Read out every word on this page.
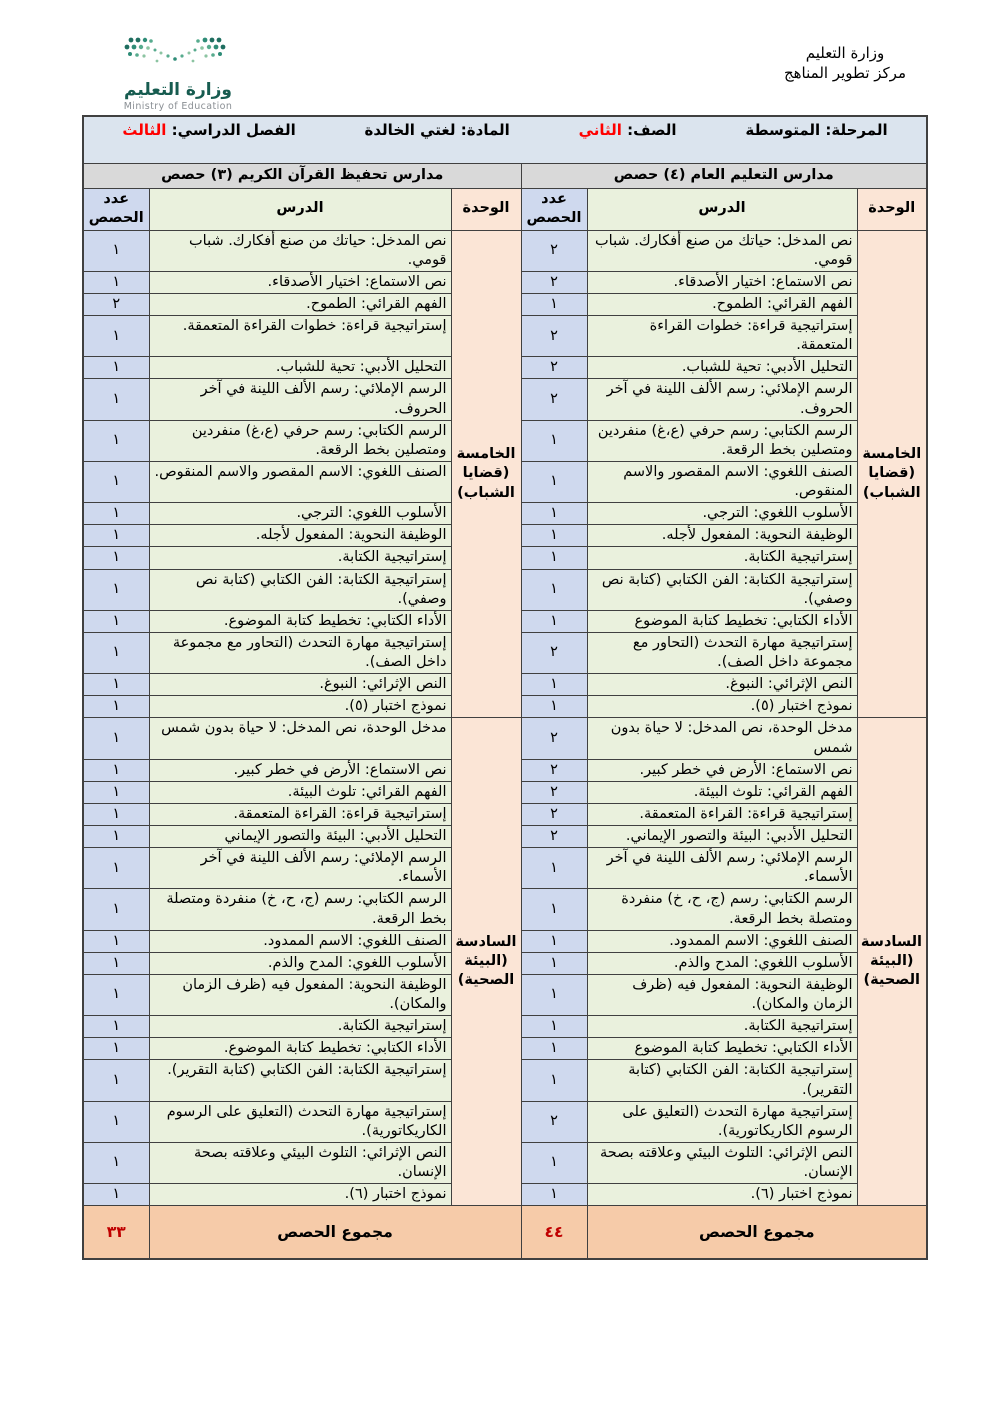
وزارة التعليم
Ministry of Education
وزارة التعليم
مركز تطوير المناهج
المرحلة: المتوسطة
الصف: الثاني
المادة: لغتي الخالدة
الفصل الدراسي: الثالث					

مدارس التعليم العام (٤) حصص			مدارس تحفيظ القرآن الكريم (٣) حصص		
الوحدة	الدرس	عدد الحصص	الوحدة	الدرس	عدد الحصص
الخامسة (قضايا الشباب)	نص المدخل: حياتك من صنع أفكارك. شباب قومي.	٢	الخامسة (قضايا الشباب)	نص المدخل: حياتك من صنع أفكارك. شباب قومي.	١
	نص الاستماع: اختيار الأصدقاء.	٢		نص الاستماع: اختيار الأصدقاء.	١
	الفهم القرائي: الطموح.	١		الفهم القرائي: الطموح.	٢
	إستراتيجية قراءة: خطوات القراءة المتعمقة.	٢		إستراتيجية قراءة: خطوات القراءة المتعمقة.	١
	التحليل الأدبي: تحية للشباب.	٢		التحليل الأدبي: تحية للشباب.	١
	الرسم الإملائي: رسم الألف اللينة في آخر الحروف.	٢		الرسم الإملائي: رسم الألف اللينة في آخر الحروف.	١
	الرسم الكتابي: رسم حرفي (ع،غ) منفردين ومتصلين بخط الرقعة.	١		الرسم الكتابي: رسم حرفي (ع،غ) منفردين ومتصلين بخط الرقعة.	١
	الصنف اللغوي: الاسم المقصور والاسم المنقوص.	١		الصنف اللغوي: الاسم المقصور والاسم المنقوص.	١
	الأسلوب اللغوي: الترجي.	١		الأسلوب اللغوي: الترجي.	١
	الوظيفة النحوية: المفعول لأجله.	١		الوظيفة النحوية: المفعول لأجله.	١
	إستراتيجية الكتابة.	١		إستراتيجية الكتابة.	١
	إستراتيجية الكتابة: الفن الكتابي (كتابة نص وصفي).	١		إستراتيجية الكتابة: الفن الكتابي (كتابة نص وصفي).	١
	الأداء الكتابي: تخطيط كتابة الموضوع	١		الأداء الكتابي: تخطيط كتابة الموضوع.	١
	إستراتيجية مهارة التحدث (التحاور مع مجموعة داخل الصف).	٢		إستراتيجية مهارة التحدث (التحاور مع مجموعة داخل الصف).	١
	النص الإثرائي: النبوغ.	١		النص الإثرائي: النبوغ.	١
	نموذج اختبار (٥).	١		نموذج اختبار (٥).	١
السادسة (البيئة الصحية)	مدخل الوحدة، نص المدخل: لا حياة بدون شمس	٢	السادسة (البيئة الصحية)	مدخل الوحدة، نص المدخل: لا حياة بدون شمس	١
	نص الاستماع: الأرض في خطر كبير.	٢		نص الاستماع: الأرض في خطر كبير.	١
	الفهم القرائي: تلوث البيئة.	٢		الفهم القرائي: تلوث البيئة.	١
	إستراتيجية قراءة: القراءة المتعمقة.	٢		إستراتيجية قراءة: القراءة المتعمقة.	١
	التحليل الأدبي: البيئة والتصور الإيماني.	٢		التحليل الأدبي: البيئة والتصور الإيماني	١
	الرسم الإملائي: رسم الألف اللينة في آخر الأسماء.	١		الرسم الإملائي: رسم الألف اللينة في آخر الأسماء.	١
	الرسم الكتابي: رسم (ج، ح، خ) منفردة ومتصلة بخط الرقعة.	١		الرسم الكتابي: رسم (ج، ح، خ) منفردة ومتصلة بخط الرقعة.	١
	الصنف اللغوي: الاسم الممدود.	١		الصنف اللغوي: الاسم الممدود.	١
	الأسلوب اللغوي: المدح والذم.	١		الأسلوب اللغوي: المدح والذم.	١
	الوظيفة النحوية: المفعول فيه (ظرف الزمان والمكان).	١		الوظيفة النحوية: المفعول فيه (ظرف الزمان والمكان).	١
	إستراتيجية الكتابة.	١		إستراتيجية الكتابة.	١
	الأداء الكتابي: تخطيط كتابة الموضوع	١		الأداء الكتابي: تخطيط كتابة الموضوع.	١
	إستراتيجية الكتابة: الفن الكتابي (كتابة التقرير).	١		إستراتيجية الكتابة: الفن الكتابي (كتابة التقرير).	١
	إستراتيجية مهارة التحدث (التعليق على الرسوم الكاريكاتورية).	٢		إستراتيجية مهارة التحدث (التعليق على الرسوم الكاريكاتورية).	١
	النص الإثرائي: التلوث البيئي وعلاقته بصحة الإنسان.	١		النص الإثرائي: التلوث البيئي وعلاقته بصحة الإنسان.	١
	نموذج اختبار (٦).	١		نموذج اختبار (٦).	١
مجموع الحصص		٤٤	مجموع الحصص		٣٣
